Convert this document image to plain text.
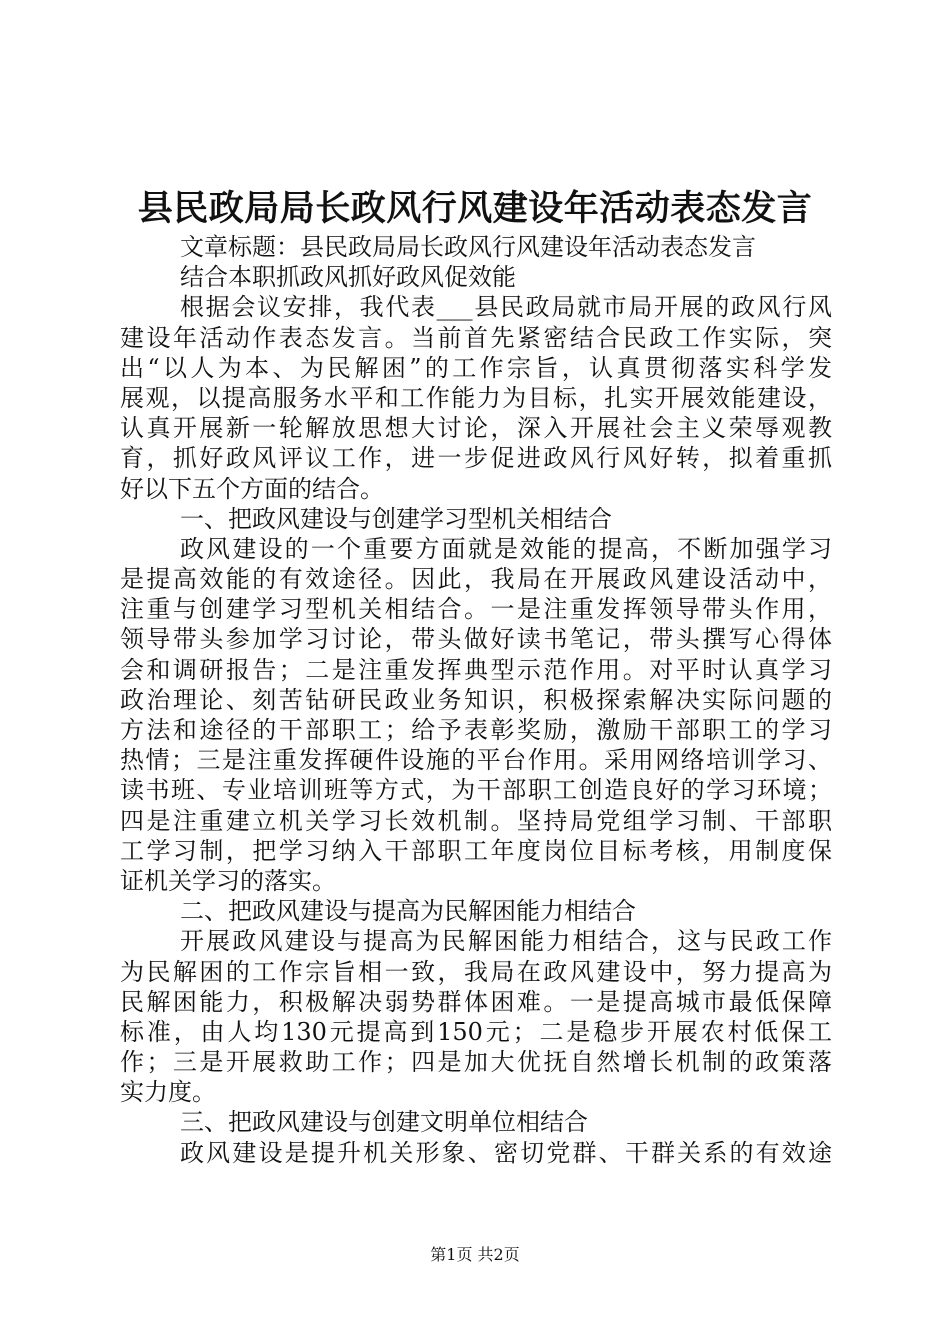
县民政局局长政风行风建设年活动表态发言
文章标题：县民政局局长政风行风建设年活动表态发言
结合本职抓政风抓好政风促效能
根据会议安排，我代表___县民政局就市局开展的政风行风
建设年活动作表态发言。当前首先紧密结合民政工作实际，突
出“以人为本、为民解困”的工作宗旨，认真贯彻落实科学发
展观，以提高服务水平和工作能力为目标，扎实开展效能建设，
认真开展新一轮解放思想大讨论，深入开展社会主义荣辱观教
育，抓好政风评议工作，进一步促进政风行风好转，拟着重抓
好以下五个方面的结合。
一、把政风建设与创建学习型机关相结合
政风建设的一个重要方面就是效能的提高，不断加强学习
是提高效能的有效途径。因此，我局在开展政风建设活动中，
注重与创建学习型机关相结合。一是注重发挥领导带头作用，
领导带头参加学习讨论，带头做好读书笔记，带头撰写心得体
会和调研报告；二是注重发挥典型示范作用。对平时认真学习
政治理论、刻苦钻研民政业务知识，积极探索解决实际问题的
方法和途径的干部职工；给予表彰奖励，激励干部职工的学习
热情；三是注重发挥硬件设施的平台作用。采用网络培训学习、
读书班、专业培训班等方式，为干部职工创造良好的学习环境；
四是注重建立机关学习长效机制。坚持局党组学习制、干部职
工学习制，把学习纳入干部职工年度岗位目标考核，用制度保
证机关学习的落实。
二、把政风建设与提高为民解困能力相结合
开展政风建设与提高为民解困能力相结合，这与民政工作
为民解困的工作宗旨相一致，我局在政风建设中，努力提高为
民解困能力，积极解决弱势群体困难。一是提高城市最低保障
标准，由人均130元提高到150元；二是稳步开展农村低保工
作；三是开展救助工作；四是加大优抚自然增长机制的政策落
实力度。
三、把政风建设与创建文明单位相结合
政风建设是提升机关形象、密切党群、干群关系的有效途
第1页 共2页
